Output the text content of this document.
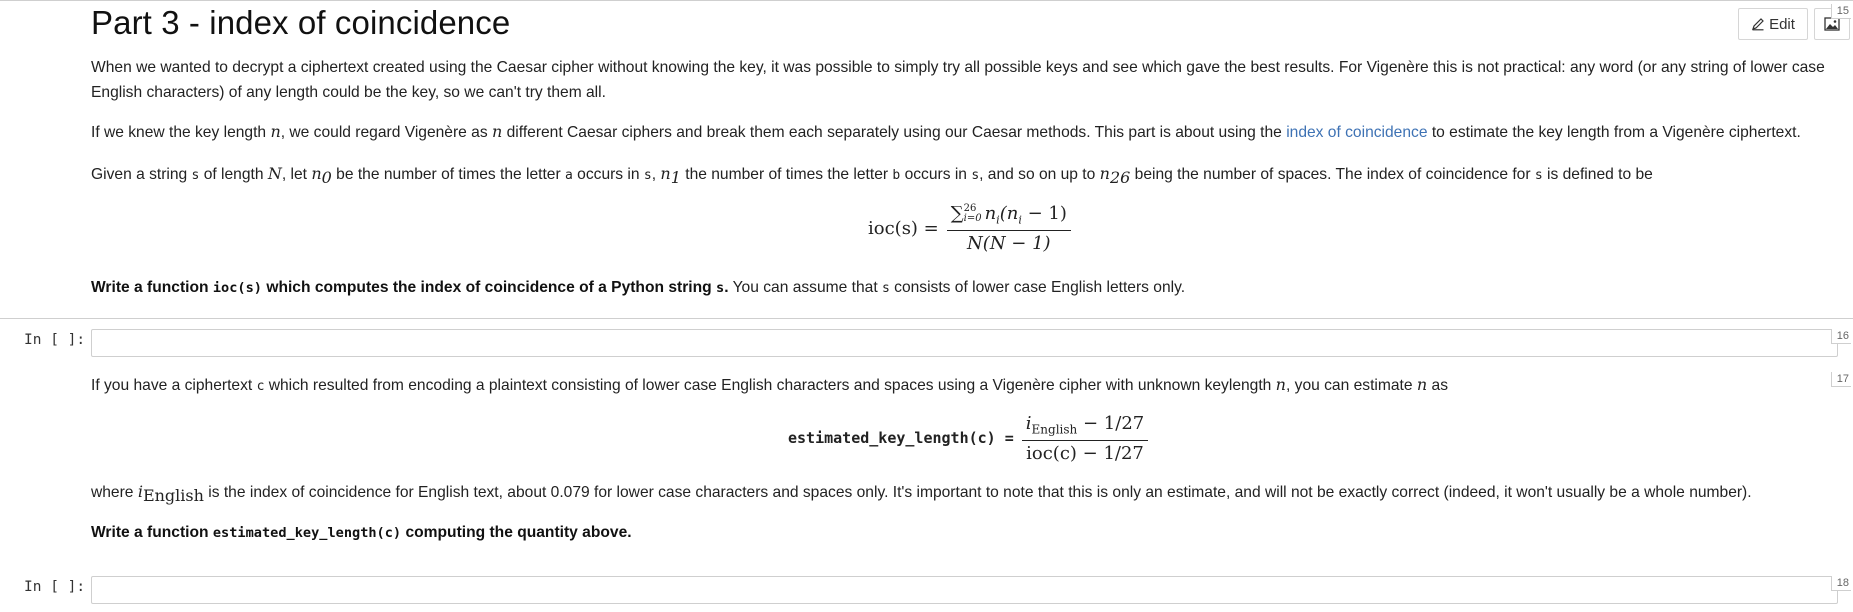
Part 3 - index of coincidence	Edit
15

When we wanted to decrypt a ciphertext created using the Caesar cipher without knowing the key, it was possible to simply try all possible keys and see which gave the best results. For Vigenère this is not practical: any word (or any string of lower case English characters) of any length could be the key, so we can't try them all.

If we knew the key length n, we could regard Vigenère as n different Caesar ciphers and break them each separately using our Caesar methods. This part is about using the index of coincidence to estimate the key length from a Vigenère ciphertext.

Given a string s of length N, let $n_0$ be the number of times the letter a occurs in s, $n_1$ the number of times the letter b occurs in s, and so on up to $n_{26}$ being the number of spaces. The index of coincidence for s is defined to be

ioc(s) = ∑ 26
i=0 $n_i(n_i - 1)$
N(N − 1)

Write a function ioc(s) which computes the index of coincidence of a Python string s. You can assume that s consists of lower case English letters only.

In [ ]:	16
17

If you have a ciphertext c which resulted from encoding a plaintext consisting of lower case English characters and spaces using a Vigenère cipher with unknown keylength n, you can estimate n as

estimated_key_length(c) = $\frac{i_{English} - 1/27}{\text{ioc(c) − 1/27}}$

where $i_{English}$ is the index of coincidence for English text, about 0.079 for lower case characters and spaces only. It's important to note that this is only an estimate, and will not be exactly correct (indeed, it won't usually be a whole number).

Write a function estimated_key_length(c) computing the quantity above.

In [ ]:	18
